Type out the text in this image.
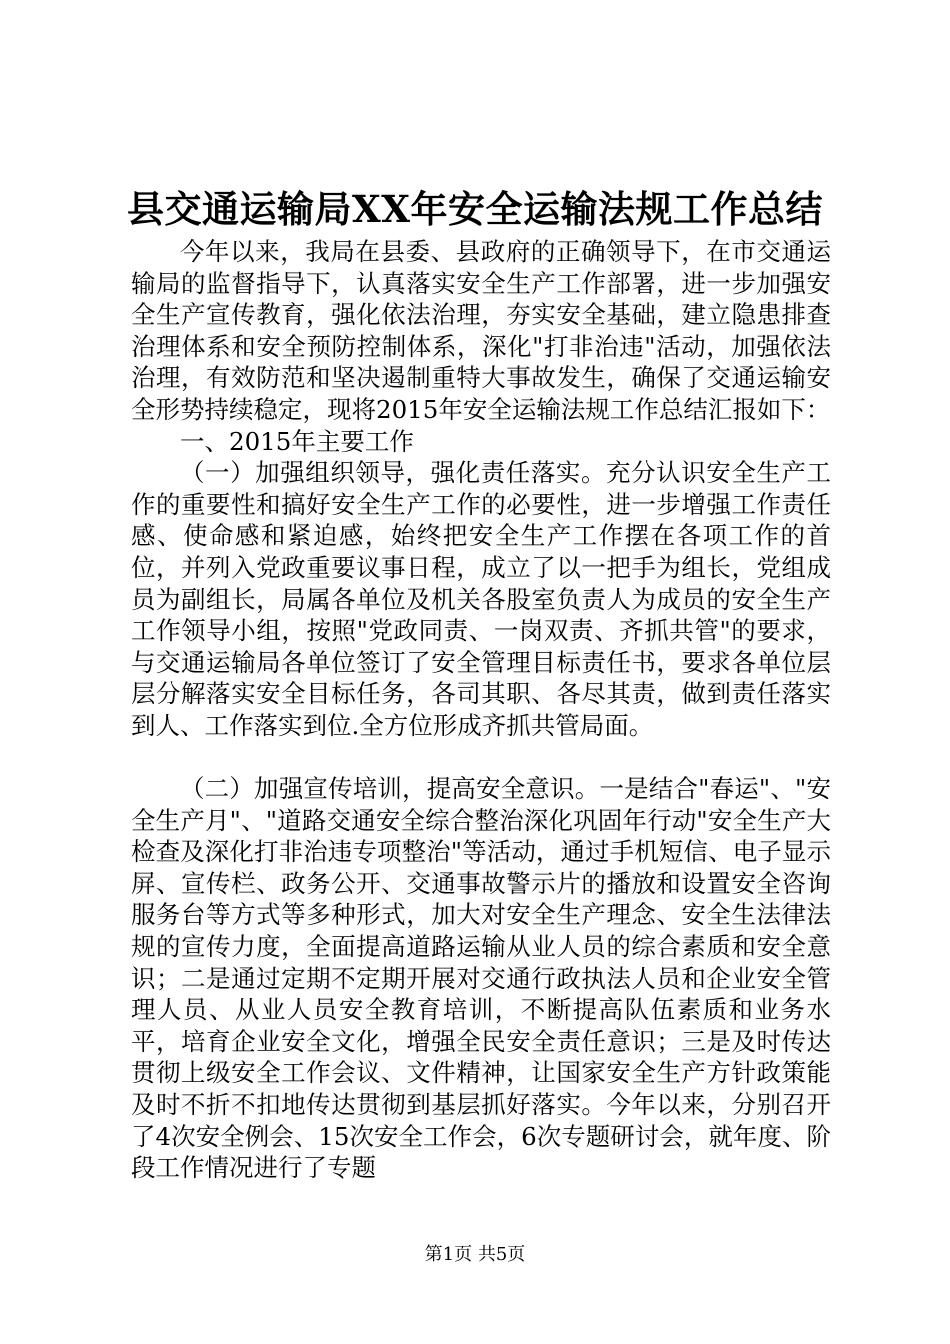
县交通运输局XX年安全运输法规工作总结

今年以来，我局在县委、县政府的正确领导下，在市交通运输局的监督指导下，认真落实安全生产工作部署，进一步加强安全生产宣传教育，强化依法治理，夯实安全基础，建立隐患排查治理体系和安全预防控制体系，深化"打非治违"活动，加强依法治理，有效防范和坚决遏制重特大事故发生，确保了交通运输安全形势持续稳定，现将2015年安全运输法规工作总结汇报如下：

一、2015年主要工作

（一）加强组织领导，强化责任落实。充分认识安全生产工作的重要性和搞好安全生产工作的必要性，进一步增强工作责任感、使命感和紧迫感，始终把安全生产工作摆在各项工作的首位，并列入党政重要议事日程，成立了以一把手为组长，党组成员为副组长，局属各单位及机关各股室负责人为成员的安全生产工作领导小组，按照"党政同责、一岗双责、齐抓共管"的要求，与交通运输局各单位签订了安全管理目标责任书，要求各单位层层分解落实安全目标任务，各司其职、各尽其责，做到责任落实到人、工作落实到位.全方位形成齐抓共管局面。

（二）加强宣传培训，提高安全意识。一是结合"春运"、"安全生产月"、"道路交通安全综合整治深化巩固年行动"安全生产大检查及深化打非治违专项整治"等活动，通过手机短信、电子显示屏、宣传栏、政务公开、交通事故警示片的播放和设置安全咨询服务台等方式等多种形式，加大对安全生产理念、安全生法律法规的宣传力度，全面提高道路运输从业人员的综合素质和安全意识；二是通过定期不定期开展对交通行政执法人员和企业安全管理人员、从业人员安全教育培训，不断提高队伍素质和业务水平，培育企业安全文化，增强全民安全责任意识；三是及时传达贯彻上级安全工作会议、文件精神，让国家安全生产方针政策能及时不折不扣地传达贯彻到基层抓好落实。今年以来，分别召开了4次安全例会、15次安全工作会，6次专题研讨会，就年度、阶段工作情况进行了专题

第1页 共5页
